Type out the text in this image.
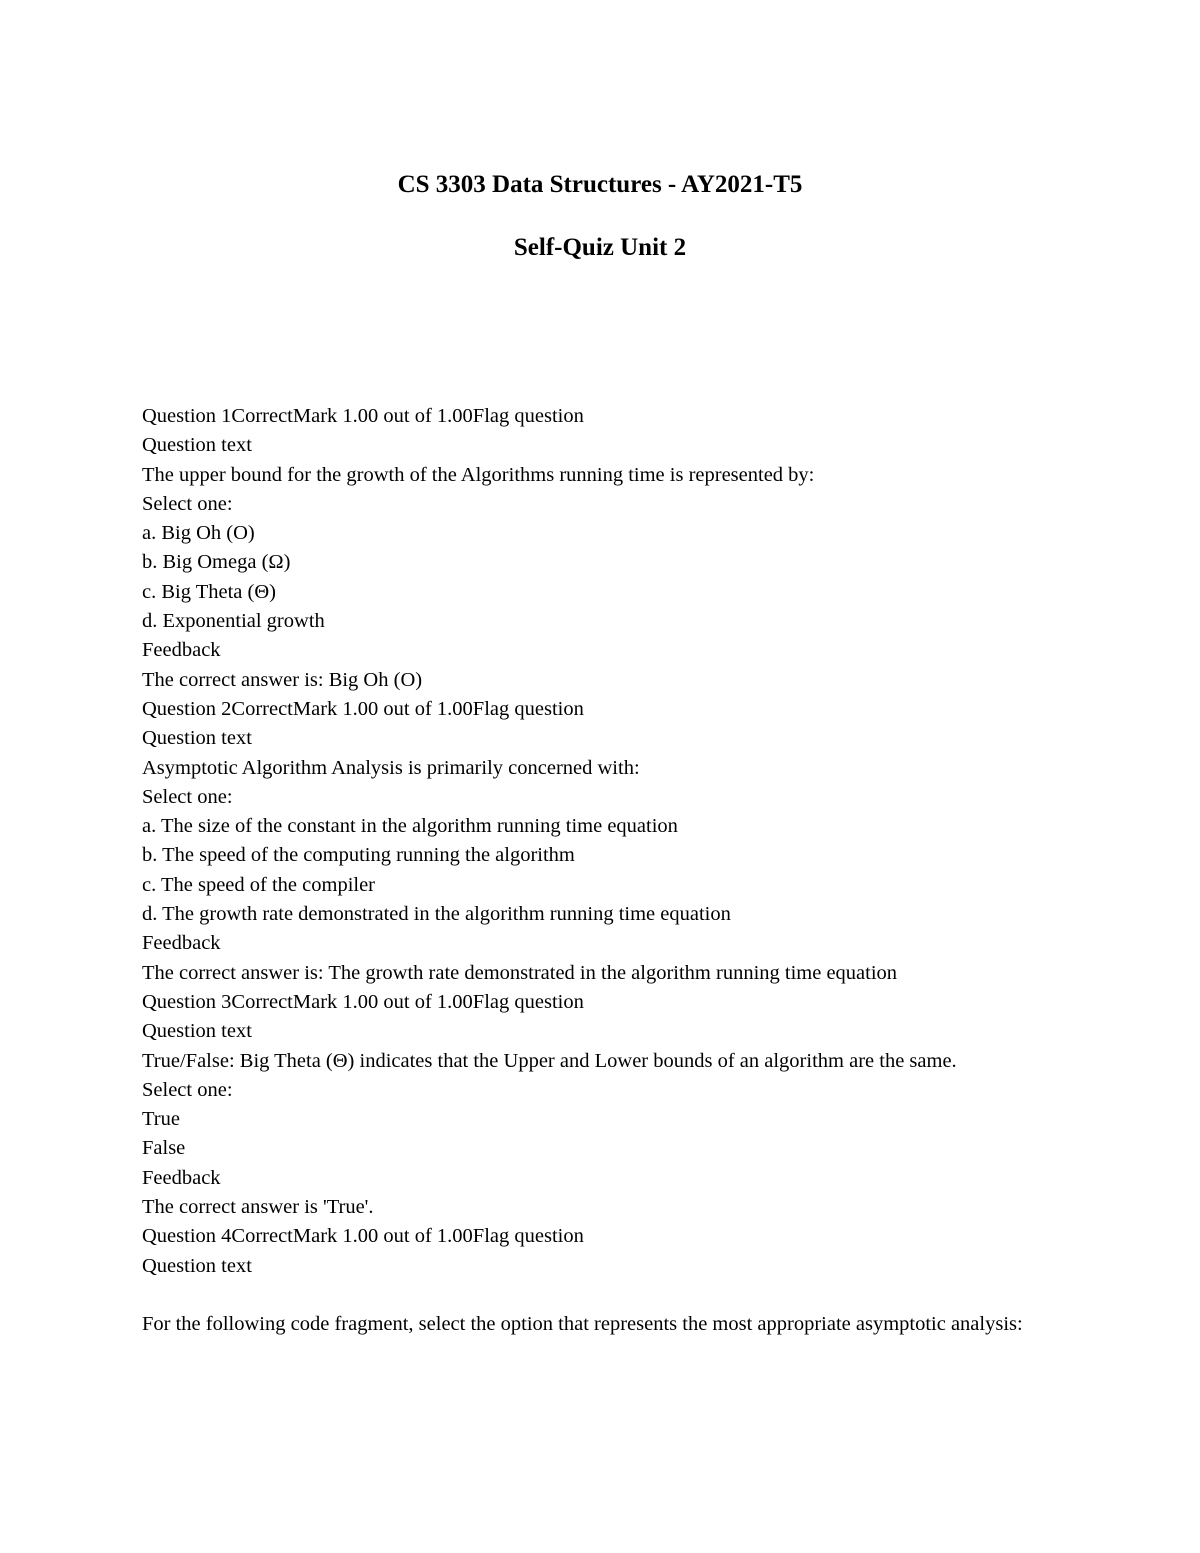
CS 3303 Data Structures - AY2021-T5
Self-Quiz Unit 2
Question 1CorrectMark 1.00 out of 1.00Flag question
Question text
The upper bound for the growth of the Algorithms running time is represented by:
Select one:
a. Big Oh (O)
b. Big Omega (Ω)
c. Big Theta (Θ)
d. Exponential growth
Feedback
The correct answer is: Big Oh (O)
Question 2CorrectMark 1.00 out of 1.00Flag question
Question text
Asymptotic Algorithm Analysis is primarily concerned with:
Select one:
a. The size of the constant in the algorithm running time equation
b. The speed of the computing running the algorithm
c. The speed of the compiler
d. The growth rate demonstrated in the algorithm running time equation
Feedback
The correct answer is: The growth rate demonstrated in the algorithm running time equation
Question 3CorrectMark 1.00 out of 1.00Flag question
Question text
True/False: Big Theta (Θ) indicates that the Upper and Lower bounds of an algorithm are the same.
Select one:
True
False
Feedback
The correct answer is 'True'.
Question 4CorrectMark 1.00 out of 1.00Flag question
Question text
For the following code fragment, select the option that represents the most appropriate asymptotic analysis:
